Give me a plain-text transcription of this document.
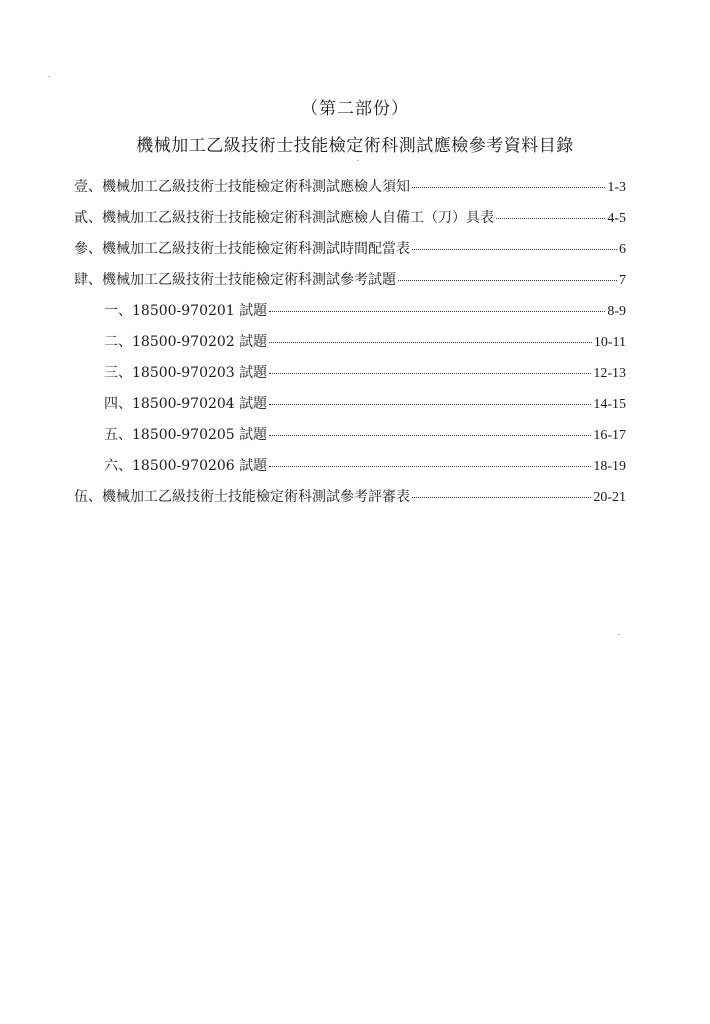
（第二部份）
機械加工乙級技術士技能檢定術科測試應檢參考資料目錄
壹、 機械加工乙級技術士技能檢定術科測試應檢人須知	1-3
貳、 機械加工乙級技術士技能檢定術科測試應檢人自備工（刀）具表	4-5
參、 機械加工乙級技術士技能檢定術科測試時間配當表	6
肆、 機械加工乙級技術士技能檢定術科測試參考試題	7
一、 18500-970201 試題	8-9
二、 18500-970202 試題	10-11
三、 18500-970203 試題	12-13
四、 18500-970204 試題	14-15
五、 18500-970205 試題	16-17
六、 18500-970206 試題	18-19
伍、 機械加工乙級技術士技能檢定術科測試參考評審表	20-21
